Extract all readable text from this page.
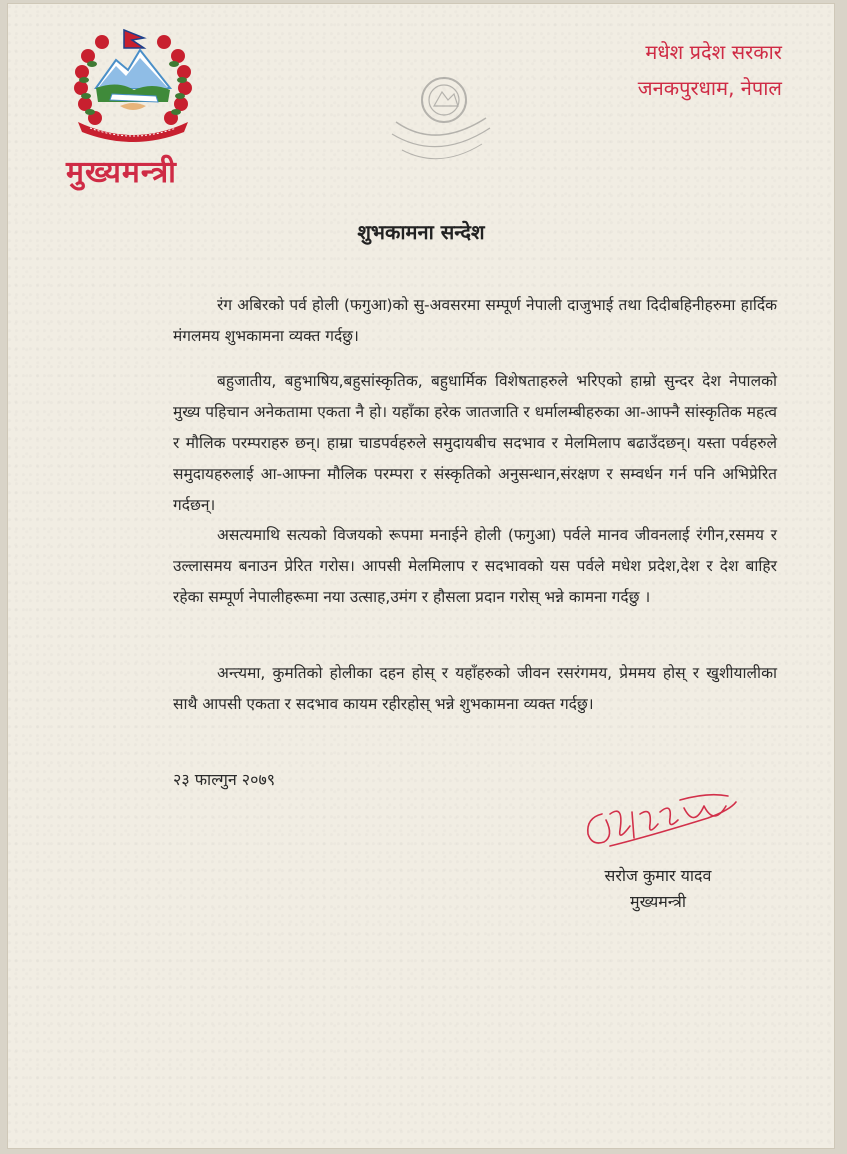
मुख्यमन्त्री
मधेश प्रदेश सरकार
जनकपुरधाम, नेपाल
शुभकामना सन्देश

रंग अबिरको पर्व होली (फगुआ)को सु-अवसरमा सम्पूर्ण नेपाली दाजुभाई तथा दिदीबहिनीहरुमा हार्दिक मंगलमय शुभकामना व्यक्त गर्दछु।

बहुजातीय, बहुभाषिय,बहुसांस्कृतिक, बहुधार्मिक विशेषताहरुले भरिएको हाम्रो सुन्दर देश नेपालको मुख्य पहिचान अनेकतामा एकता नै हो। यहाँका हरेक जातजाति र धर्मालम्बीहरुका आ-आफ्नै सांस्कृतिक महत्व र मौलिक परम्पराहरु छन्। हाम्रा चाडपर्वहरुले समुदायबीच सदभाव र मेलमिलाप बढाउँदछन्। यस्ता पर्वहरुले समुदायहरुलाई आ-आफ्ना मौलिक परम्परा र संस्कृतिको अनुसन्धान,संरक्षण र सम्वर्धन गर्न पनि अभिप्रेरित गर्दछन्।

असत्यमाथि सत्यको विजयको रूपमा मनाईने होली (फगुआ) पर्वले मानव जीवनलाई रंगीन,रसमय र उल्लासमय बनाउन प्रेरित गरोस। आपसी मेलमिलाप र सदभावको यस पर्वले मधेश प्रदेश,देश र देश बाहिर रहेका सम्पूर्ण नेपालीहरूमा नया उत्साह,उमंग र हौसला प्रदान गरोस् भन्ने कामना गर्दछु ।

अन्त्यमा, कुमतिको होलीका दहन होस् र यहाँहरुको जीवन रसरंगमय, प्रेममय होस् र खुशीयालीका साथै आपसी एकता र सदभाव कायम रहीरहोस् भन्ने शुभकामना व्यक्त गर्दछु।

२३ फाल्गुन २०७९
सरोज कुमार यादव
मुख्यमन्त्री
